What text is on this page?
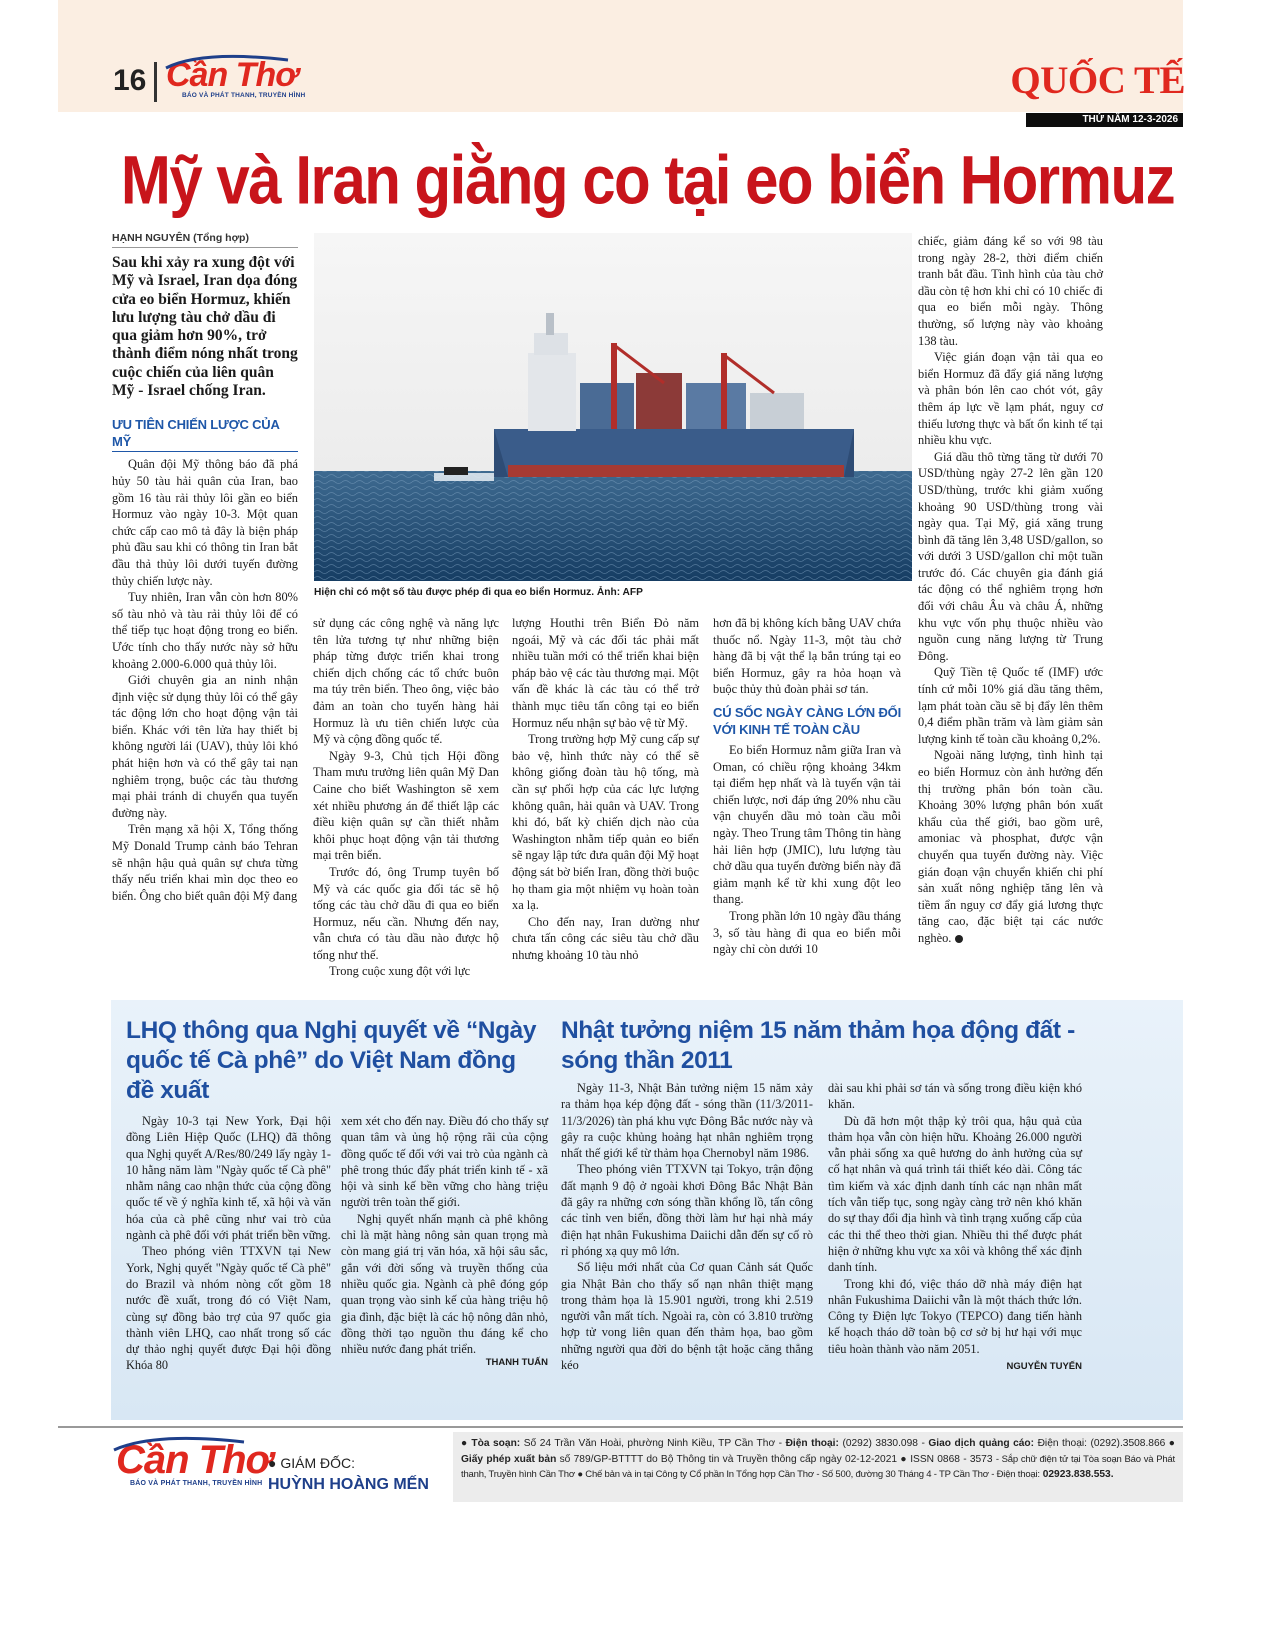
16 Cần Thơ
BÁO VÀ PHÁT THANH, TRUYỀN HÌNH	QUỐC TẾ
THỨ NĂM 12-3-2026
Mỹ và Iran giằng co tại eo biển Hormuz
HẠNH NGUYÊN (Tổng hợp)
Sau khi xảy ra xung đột với Mỹ và Israel, Iran dọa đóng cửa eo biển Hormuz, khiến lưu lượng tàu chở dầu đi qua giảm hơn 90%, trở thành điểm nóng nhất trong cuộc chiến của liên quân Mỹ - Israel chống Iran.
ƯU TIÊN CHIẾN LƯỢC CỦA MỸ

Quân đội Mỹ thông báo đã phá hủy 50 tàu hải quân của Iran, bao gồm 16 tàu rải thủy lôi gần eo biển Hormuz vào ngày 10-3. Một quan chức cấp cao mô tả đây là biện pháp phủ đầu sau khi có thông tin Iran bắt đầu thả thủy lôi dưới tuyến đường thủy chiến lược này.

Tuy nhiên, Iran vẫn còn hơn 80% số tàu nhỏ và tàu rải thủy lôi để có thể tiếp tục hoạt động trong eo biển. Ước tính cho thấy nước này sở hữu khoảng 2.000-6.000 quả thủy lôi.

Giới chuyên gia an ninh nhận định việc sử dụng thủy lôi có thể gây tác động lớn cho hoạt động vận tải biển. Khác với tên lửa hay thiết bị không người lái (UAV), thủy lôi khó phát hiện hơn và có thể gây tai nạn nghiêm trọng, buộc các tàu thương mại phải tránh di chuyển qua tuyến đường này.

Trên mạng xã hội X, Tổng thống Mỹ Donald Trump cảnh báo Tehran sẽ nhận hậu quả quân sự chưa từng thấy nếu triển khai mìn dọc theo eo biển. Ông cho biết quân đội Mỹ đang

Hiện chỉ có một số tàu được phép đi qua eo biển Hormuz. Ảnh: AFP

sử dụng các công nghệ và năng lực tên lửa tương tự như những biện pháp từng được triển khai trong chiến dịch chống các tổ chức buôn ma túy trên biển. Theo ông, việc bảo đảm an toàn cho tuyến hàng hải Hormuz là ưu tiên chiến lược của Mỹ và cộng đồng quốc tế.

Ngày 9-3, Chủ tịch Hội đồng Tham mưu trưởng liên quân Mỹ Dan Caine cho biết Washington sẽ xem xét nhiều phương án để thiết lập các điều kiện quân sự cần thiết nhằm khôi phục hoạt động vận tải thương mại trên biển.

Trước đó, ông Trump tuyên bố Mỹ và các quốc gia đối tác sẽ hộ tống các tàu chở dầu đi qua eo biển Hormuz, nếu cần. Nhưng đến nay, vẫn chưa có tàu dầu nào được hộ tống như thế.

Trong cuộc xung đột với lực

lượng Houthi trên Biển Đỏ năm ngoái, Mỹ và các đối tác phải mất nhiều tuần mới có thể triển khai biện pháp bảo vệ các tàu thương mại. Một vấn đề khác là các tàu có thể trở thành mục tiêu tấn công tại eo biển Hormuz nếu nhận sự bảo vệ từ Mỹ.

Trong trường hợp Mỹ cung cấp sự bảo vệ, hình thức này có thể sẽ không giống đoàn tàu hộ tống, mà cần sự phối hợp của các lực lượng không quân, hải quân và UAV. Trong khi đó, bất kỳ chiến dịch nào của Washington nhằm tiếp quản eo biển sẽ ngay lập tức đưa quân đội Mỹ hoạt động sát bờ biển Iran, đồng thời buộc họ tham gia một nhiệm vụ hoàn toàn xa lạ.

Cho đến nay, Iran dường như chưa tấn công các siêu tàu chở dầu nhưng khoảng 10 tàu nhỏ

hơn đã bị không kích bằng UAV chứa thuốc nổ. Ngày 11-3, một tàu chở hàng đã bị vật thể lạ bắn trúng tại eo biển Hormuz, gây ra hỏa hoạn và buộc thủy thủ đoàn phải sơ tán.

CÚ SỐC NGÀY CÀNG LỚN ĐỐI VỚI KINH TẾ TOÀN CẦU

Eo biển Hormuz nằm giữa Iran và Oman, có chiều rộng khoảng 34km tại điểm hẹp nhất và là tuyến vận tải chiến lược, nơi đáp ứng 20% nhu cầu vận chuyển dầu mỏ toàn cầu mỗi ngày. Theo Trung tâm Thông tin hàng hải liên hợp (JMIC), lưu lượng tàu chở dầu qua tuyến đường biển này đã giảm mạnh kể từ khi xung đột leo thang.

Trong phần lớn 10 ngày đầu tháng 3, số tàu hàng đi qua eo biển mỗi ngày chỉ còn dưới 10

chiếc, giảm đáng kể so với 98 tàu trong ngày 28-2, thời điểm chiến tranh bắt đầu. Tình hình của tàu chở dầu còn tệ hơn khi chỉ có 10 chiếc đi qua eo biển mỗi ngày. Thông thường, số lượng này vào khoảng 138 tàu.

Việc gián đoạn vận tải qua eo biển Hormuz đã đẩy giá năng lượng và phân bón lên cao chót vót, gây thêm áp lực về lạm phát, nguy cơ thiếu lương thực và bất ổn kinh tế tại nhiều khu vực.

Giá dầu thô từng tăng từ dưới 70 USD/thùng ngày 27-2 lên gần 120 USD/thùng, trước khi giảm xuống khoảng 90 USD/thùng trong vài ngày qua. Tại Mỹ, giá xăng trung bình đã tăng lên 3,48 USD/gallon, so với dưới 3 USD/gallon chỉ một tuần trước đó. Các chuyên gia đánh giá tác động có thể nghiêm trọng hơn đối với châu Âu và châu Á, những khu vực vốn phụ thuộc nhiều vào nguồn cung năng lượng từ Trung Đông.

Quỹ Tiền tệ Quốc tế (IMF) ước tính cứ mỗi 10% giá dầu tăng thêm, lạm phát toàn cầu sẽ bị đẩy lên thêm 0,4 điểm phần trăm và làm giảm sản lượng kinh tế toàn cầu khoảng 0,2%.

Ngoài năng lượng, tình hình tại eo biển Hormuz còn ảnh hưởng đến thị trường phân bón toàn cầu. Khoảng 30% lượng phân bón xuất khẩu của thế giới, bao gồm urê, amoniac và phosphat, được vận chuyển qua tuyến đường này. Việc gián đoạn vận chuyển khiến chi phí sản xuất nông nghiệp tăng lên và tiềm ẩn nguy cơ đẩy giá lương thực tăng cao, đặc biệt tại các nước nghèo.

LHQ thông qua Nghị quyết về “Ngày quốc tế Cà phê” do Việt Nam đồng đề xuất

Ngày 10-3 tại New York, Đại hội đồng Liên Hiệp Quốc (LHQ) đã thông qua Nghị quyết A/Res/80/249 lấy ngày 1-10 hằng năm làm "Ngày quốc tế Cà phê" nhằm nâng cao nhận thức của cộng đồng quốc tế về ý nghĩa kinh tế, xã hội và văn hóa của cà phê cũng như vai trò của ngành cà phê đối với phát triển bền vững.

Theo phóng viên TTXVN tại New York, Nghị quyết "Ngày quốc tế Cà phê" do Brazil và nhóm nòng cốt gồm 18 nước đề xuất, trong đó có Việt Nam, cùng sự đồng bảo trợ của 97 quốc gia thành viên LHQ, cao nhất trong số các dự thảo nghị quyết được Đại hội đồng Khóa 80

xem xét cho đến nay. Điều đó cho thấy sự quan tâm và ủng hộ rộng rãi của cộng đồng quốc tế đối với vai trò của ngành cà phê trong thúc đẩy phát triển kinh tế - xã hội và sinh kế bền vững cho hàng triệu người trên toàn thế giới.

Nghị quyết nhấn mạnh cà phê không chỉ là mặt hàng nông sản quan trọng mà còn mang giá trị văn hóa, xã hội sâu sắc, gắn với đời sống và truyền thống của nhiều quốc gia. Ngành cà phê đóng góp quan trọng vào sinh kế của hàng triệu hộ gia đình, đặc biệt là các hộ nông dân nhỏ, đồng thời tạo nguồn thu đáng kể cho nhiều nước đang phát triển.

THANH TUẤN
Nhật tưởng niệm 15 năm thảm họa động đất - sóng thần 2011

Ngày 11-3, Nhật Bản tưởng niệm 15 năm xảy ra thảm họa kép động đất - sóng thần (11/3/2011-11/3/2026) tàn phá khu vực Đông Bắc nước này và gây ra cuộc khủng hoảng hạt nhân nghiêm trọng nhất thế giới kể từ thảm họa Chernobyl năm 1986.

Theo phóng viên TTXVN tại Tokyo, trận động đất mạnh 9 độ ở ngoài khơi Đông Bắc Nhật Bản đã gây ra những cơn sóng thần khổng lồ, tấn công các tỉnh ven biển, đồng thời làm hư hại nhà máy điện hạt nhân Fukushima Daiichi dẫn đến sự cố rò rỉ phóng xạ quy mô lớn.

Số liệu mới nhất của Cơ quan Cảnh sát Quốc gia Nhật Bản cho thấy số nạn nhân thiệt mạng trong thảm họa là 15.901 người, trong khi 2.519 người vẫn mất tích. Ngoài ra, còn có 3.810 trường hợp tử vong liên quan đến thảm họa, bao gồm những người qua đời do bệnh tật hoặc căng thẳng kéo

dài sau khi phải sơ tán và sống trong điều kiện khó khăn.

Dù đã hơn một thập kỷ trôi qua, hậu quả của thảm họa vẫn còn hiện hữu. Khoảng 26.000 người vẫn phải sống xa quê hương do ảnh hưởng của sự cố hạt nhân và quá trình tái thiết kéo dài. Công tác tìm kiếm và xác định danh tính các nạn nhân mất tích vẫn tiếp tục, song ngày càng trở nên khó khăn do sự thay đổi địa hình và tình trạng xuống cấp của các thi thể theo thời gian. Nhiều thi thể được phát hiện ở những khu vực xa xôi và không thể xác định danh tính.

Trong khi đó, việc tháo dỡ nhà máy điện hạt nhân Fukushima Daiichi vẫn là một thách thức lớn. Công ty Điện lực Tokyo (TEPCO) đang tiến hành kế hoạch tháo dỡ toàn bộ cơ sở bị hư hại với mục tiêu hoàn thành vào năm 2051.

NGUYỄN TUYẾN
Cần Thơ
BÁO VÀ PHÁT THANH, TRUYỀN HÌNH
● GIÁM ĐỐC:
HUỲNH HOÀNG MẾN
● Tòa soạn: Số 24 Trần Văn Hoài, phường Ninh Kiều, TP Cần Thơ - Điện thoại: (0292) 3830.098 - Giao dịch quảng cáo: Điện thoại: (0292).3508.866 ● Giấy phép xuất bản số 789/GP-BTTTT do Bộ Thông tin và Truyền thông cấp ngày 02-12-2021 ● ISSN 0868 - 3573 - Sắp chữ điện tử tại Tòa soạn Báo và Phát thanh, Truyền hình Cần Thơ ● Chế bản và in tại Công ty Cổ phần In Tổng hợp Cần Thơ - Số 500, đường 30 Tháng 4 - TP Cần Thơ - Điện thoại: 02923.838.553.
